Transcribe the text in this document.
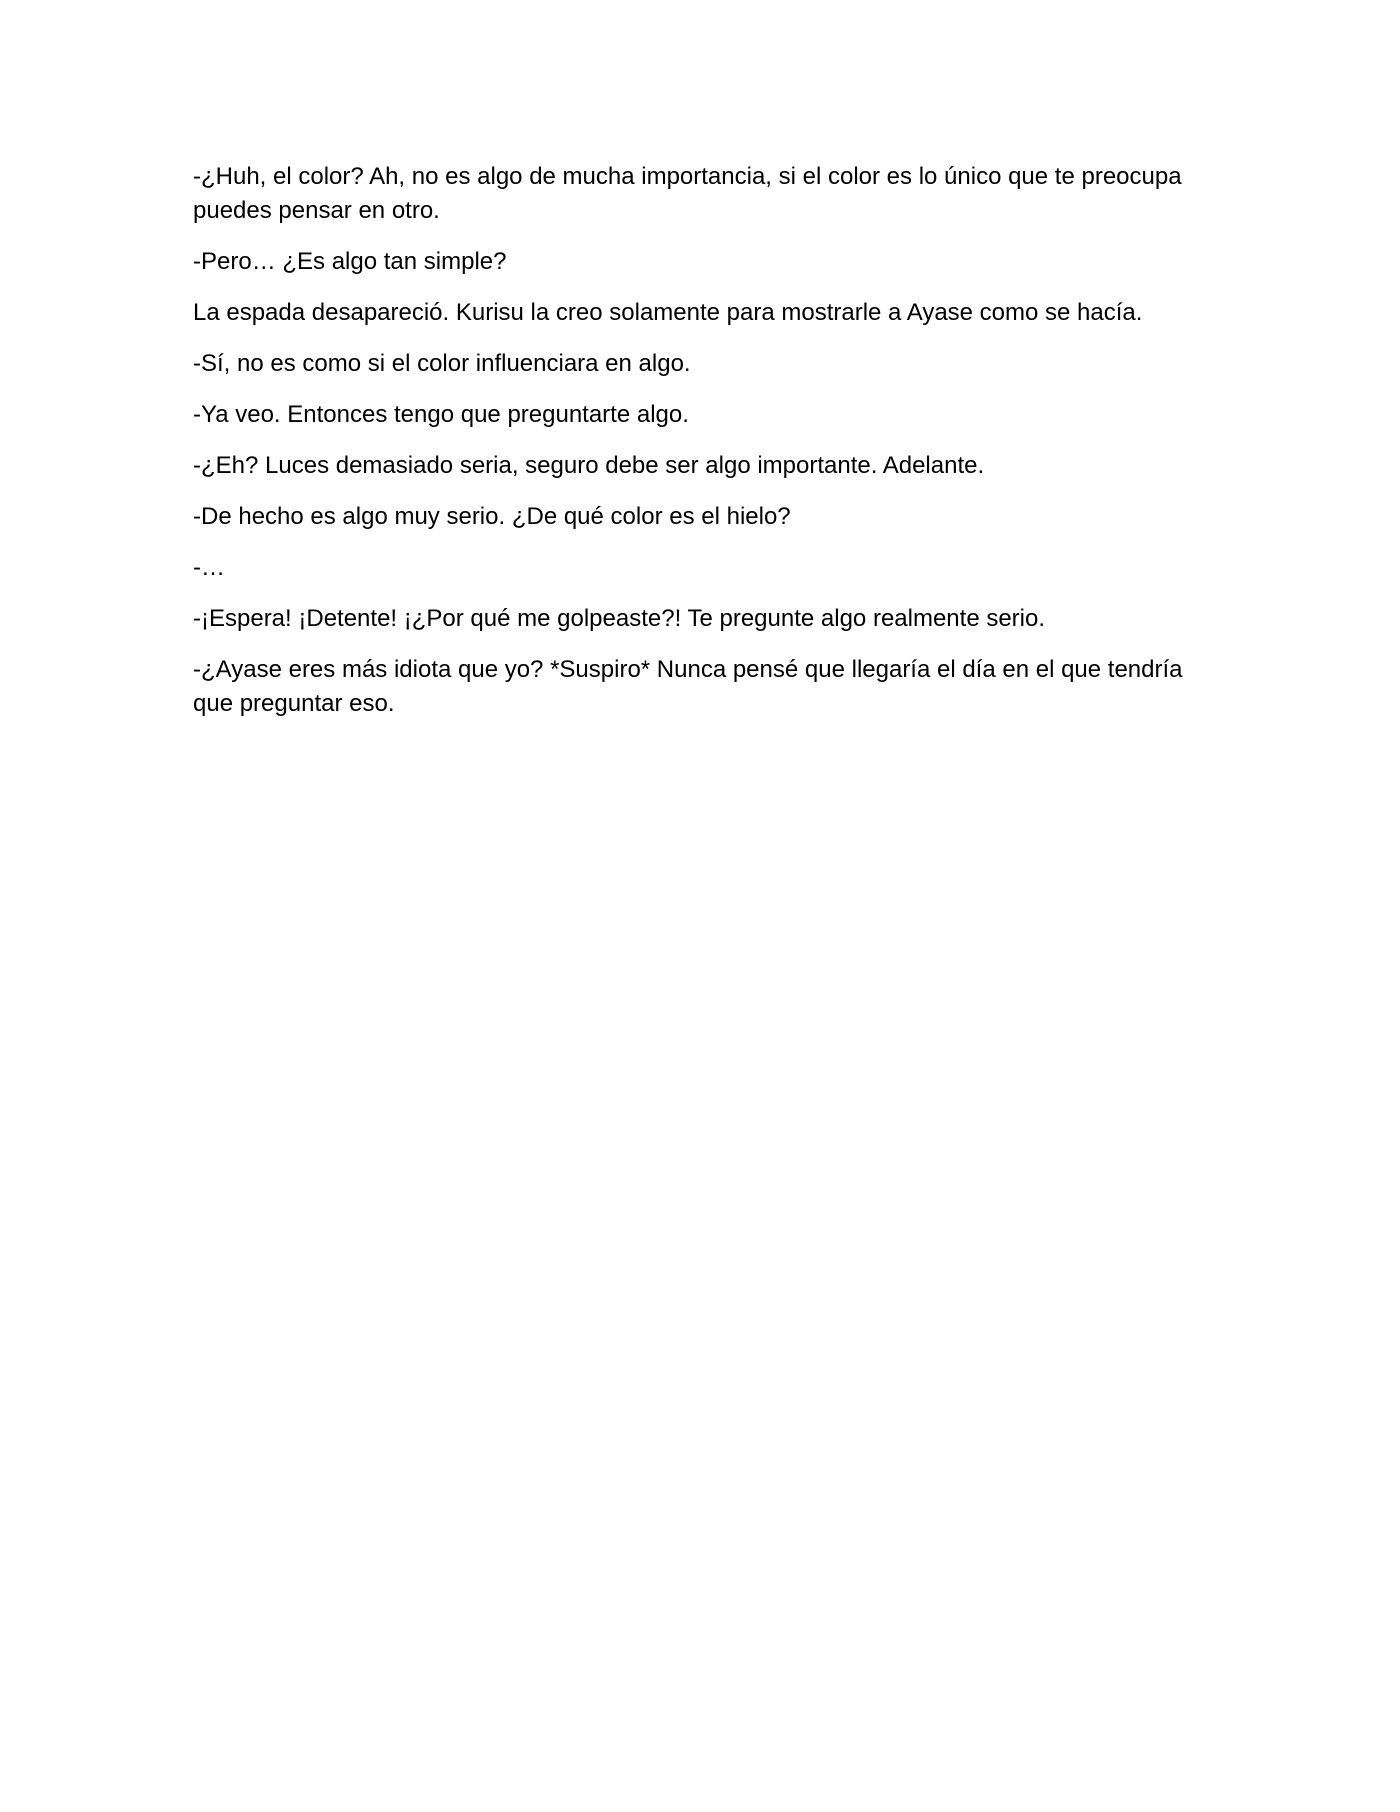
-¿Huh, el color? Ah, no es algo de mucha importancia, si el color es lo único que te preocupa puedes pensar en otro.

-Pero… ¿Es algo tan simple?

La espada desapareció. Kurisu la creo solamente para mostrarle a Ayase como se hacía.

-Sí, no es como si el color influenciara en algo.

-Ya veo. Entonces tengo que preguntarte algo.

-¿Eh? Luces demasiado seria, seguro debe ser algo importante. Adelante.

-De hecho es algo muy serio. ¿De qué color es el hielo?

-…

-¡Espera! ¡Detente! ¡¿Por qué me golpeaste?! Te pregunte algo realmente serio.

-¿Ayase eres más idiota que yo? *Suspiro* Nunca pensé que llegaría el día en el que tendría que preguntar eso.
